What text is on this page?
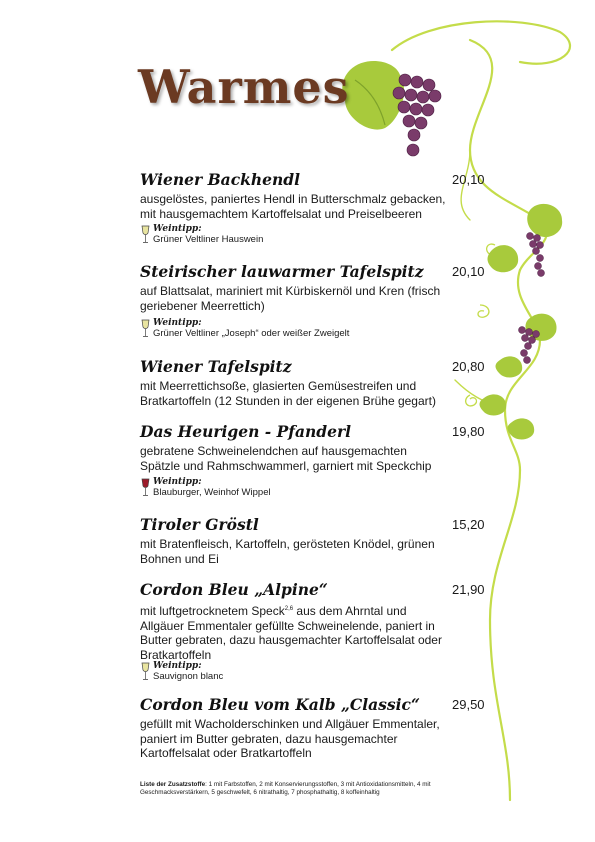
Warmes
Wiener Backhendl	20,10
ausgelöstes, paniertes Hendl in Butterschmalz gebacken, mit hausgemachtem Kartoffelsalat und Preiselbeeren
Weintipp:
Grüner Veltliner Hauswein
Steirischer lauwarmer Tafelspitz	20,10
auf Blattsalat, mariniert mit Kürbiskernöl und Kren (frisch geriebener Meerrettich)
Weintipp:
Grüner Veltliner „Joseph“ oder weißer Zweigelt
Wiener Tafelspitz	20,80
mit Meerrettichsoße, glasierten Gemüsestreifen und Bratkartoffeln (12 Stunden in der eigenen Brühe gegart)
Das Heurigen - Pfanderl	19,80
gebratene Schweinelendchen auf hausgemachten Spätzle und Rahmschwammerl, garniert mit Speckchip
Weintipp:
Blauburger, Weinhof Wippel
Tiroler Gröstl	15,20
mit Bratenfleisch, Kartoffeln, gerösteten Knödel, grünen Bohnen und Ei
Cordon Bleu „Alpine“	21,90
mit luftgetrocknetem Speck$^{2,6}$ aus dem Ahrntal und Allgäuer Emmentaler gefüllte Schweinelende, paniert in Butter gebraten, dazu hausgemachter Kartoffelsalat oder Bratkartoffeln
Weintipp:
Sauvignon blanc
Cordon Bleu vom Kalb „Classic“	29,50
gefüllt mit Wacholderschinken und Allgäuer Emmentaler, paniert im Butter gebraten, dazu hausgemachter Kartoffelsalat oder Bratkartoffeln
Liste der Zusatzstoffe: 1 mit Farbstoffen, 2 mit Konservierungsstoffen, 3 mit Antioxidationsmitteln, 4 mit Geschmacksverstärkern, 5 geschwefelt, 6 nitrathaltig, 7 phosphathaltig, 8 koffeinhaltig
